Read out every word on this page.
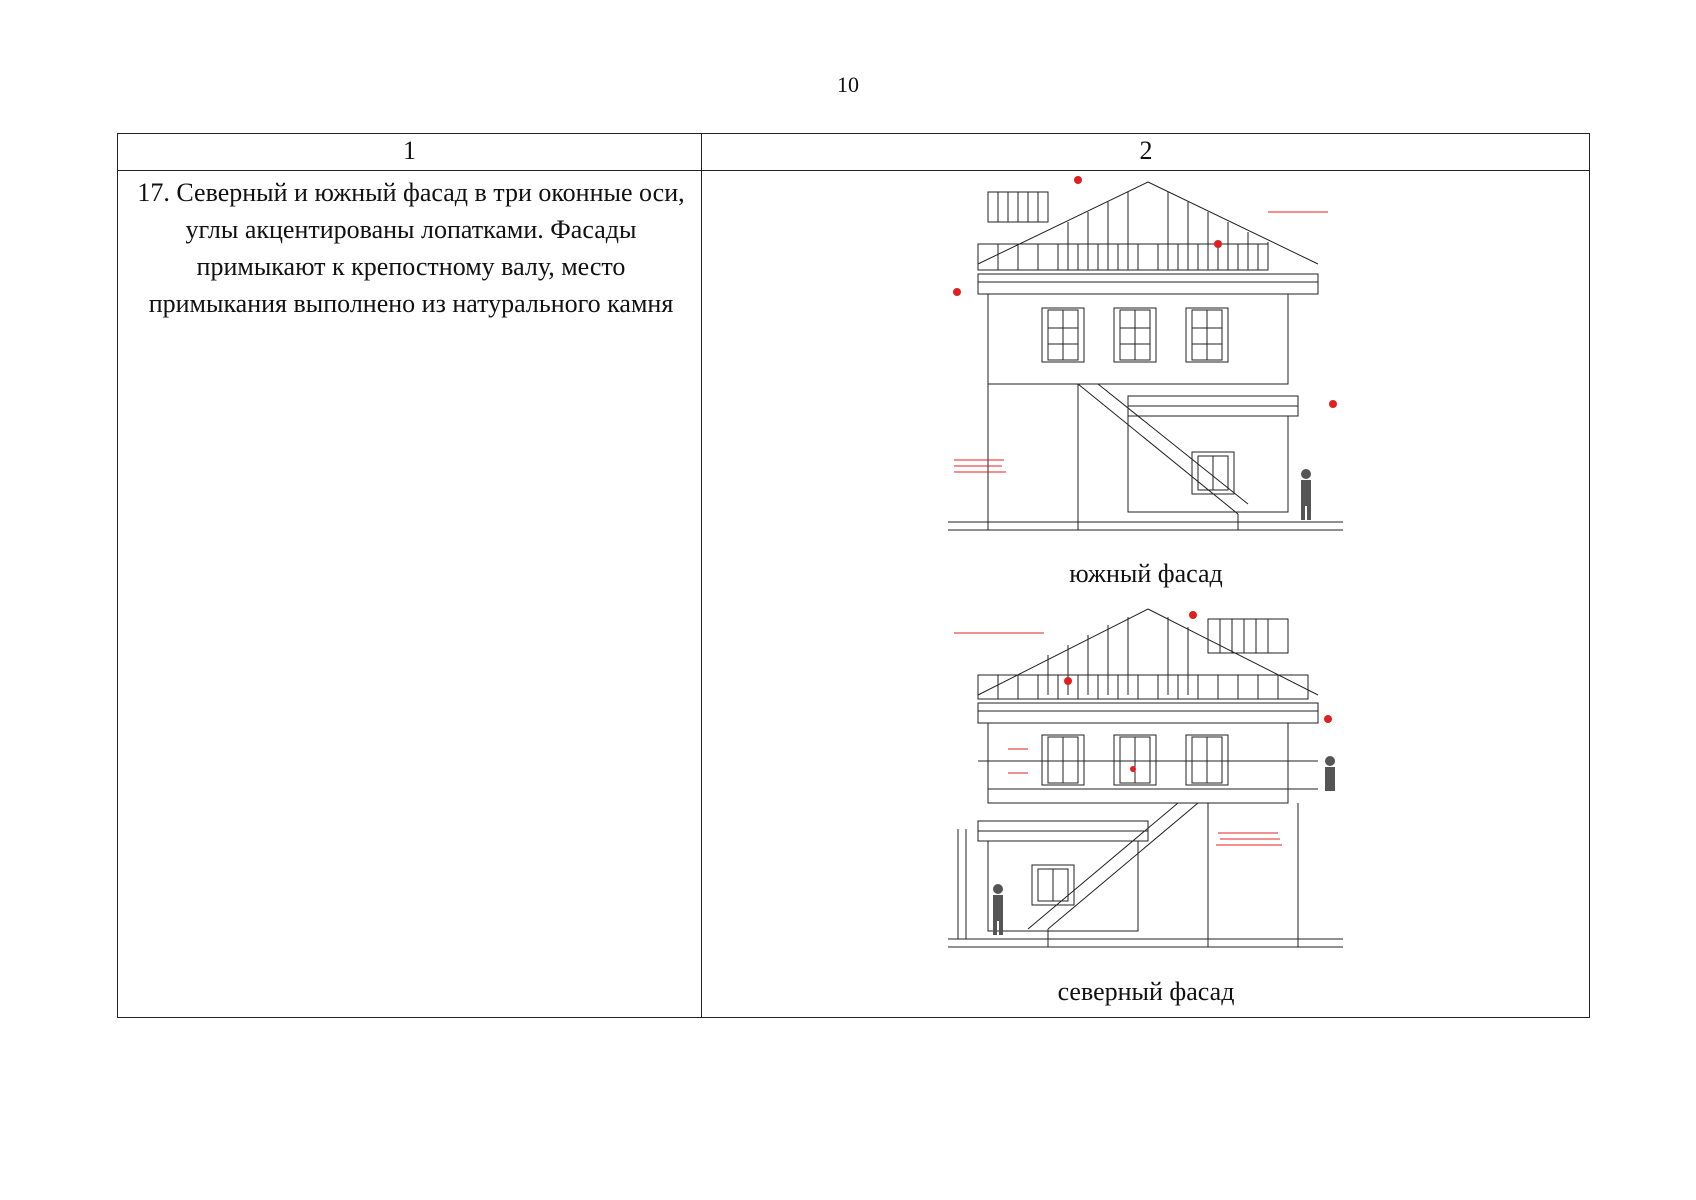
10
1	2
17. Северный и южный фасад в три оконные оси, углы акцентированы лопатками. Фасады примыкают к крепостному валу, место примыкания выполнено из натурального камня
южный фасад
северный фасад
